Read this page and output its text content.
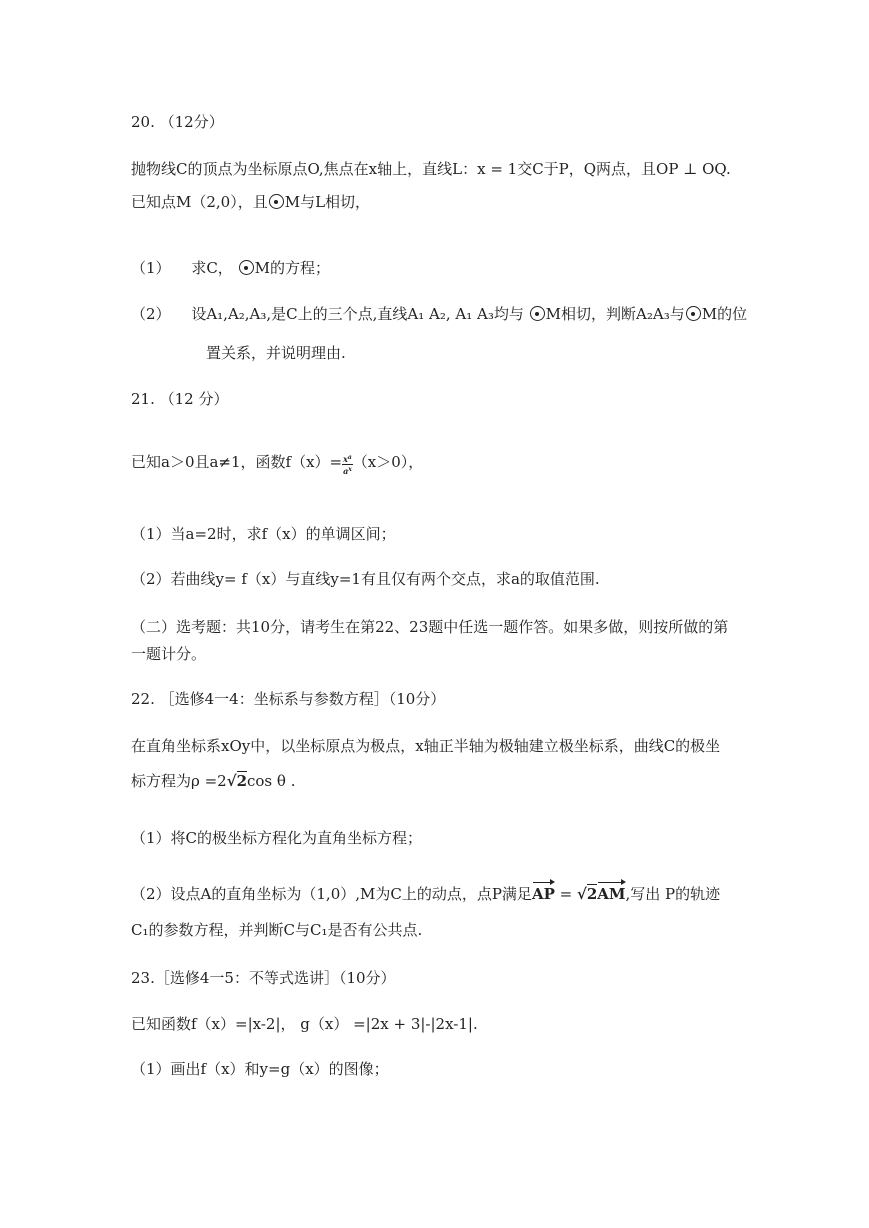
20. （12分）
抛物线C的顶点为坐标原点O,焦点在x轴上，直线L：x = 1交C于P，Q两点，且OP ⊥ OQ.
已知点M（2,0），且 M与L相切，
（1） 求C， M的方程；
（2） 设A₁,A₂,A₃,是C上的三个点,直线A₁ A₂, A₁ A₃均与 M相切，判断A₂A₃与 M的位
置关系，并说明理由.
21. （12 分）
已知a＞0且a≠1，函数$f(x)= \frac{x^a}{a^x}(x>0)$，
（1）当a=2时，求f（x）的单调区间；
（2）若曲线y= f（x）与直线y=1有且仅有两个交点，求a的取值范围.
（二）选考题：共10分，请考生在第22、23题中任选一题作答。如果多做，则按所做的第
一题计分。
22. ［选修4一4：坐标系与参数方程］（10分）
在直角坐标系xOy中，以坐标原点为极点，x轴正半轴为极轴建立极坐标系，曲线C的极坐
标方程为ρ =2√2cos θ .
（1）将C的极坐标方程化为直角坐标方程；
（2）设点A的直角坐标为（1,0）,M为C上的动点，点P满足AP = √2AM,写出 P的轨迹
C₁的参数方程，并判断C与C₁是否有公共点.
23.［选修4一5：不等式选讲］（10分）
已知函数f（x）=|x-2|， g（x） =|2x + 3|-|2x-1|.
（1）画出f（x）和y=g（x）的图像；
